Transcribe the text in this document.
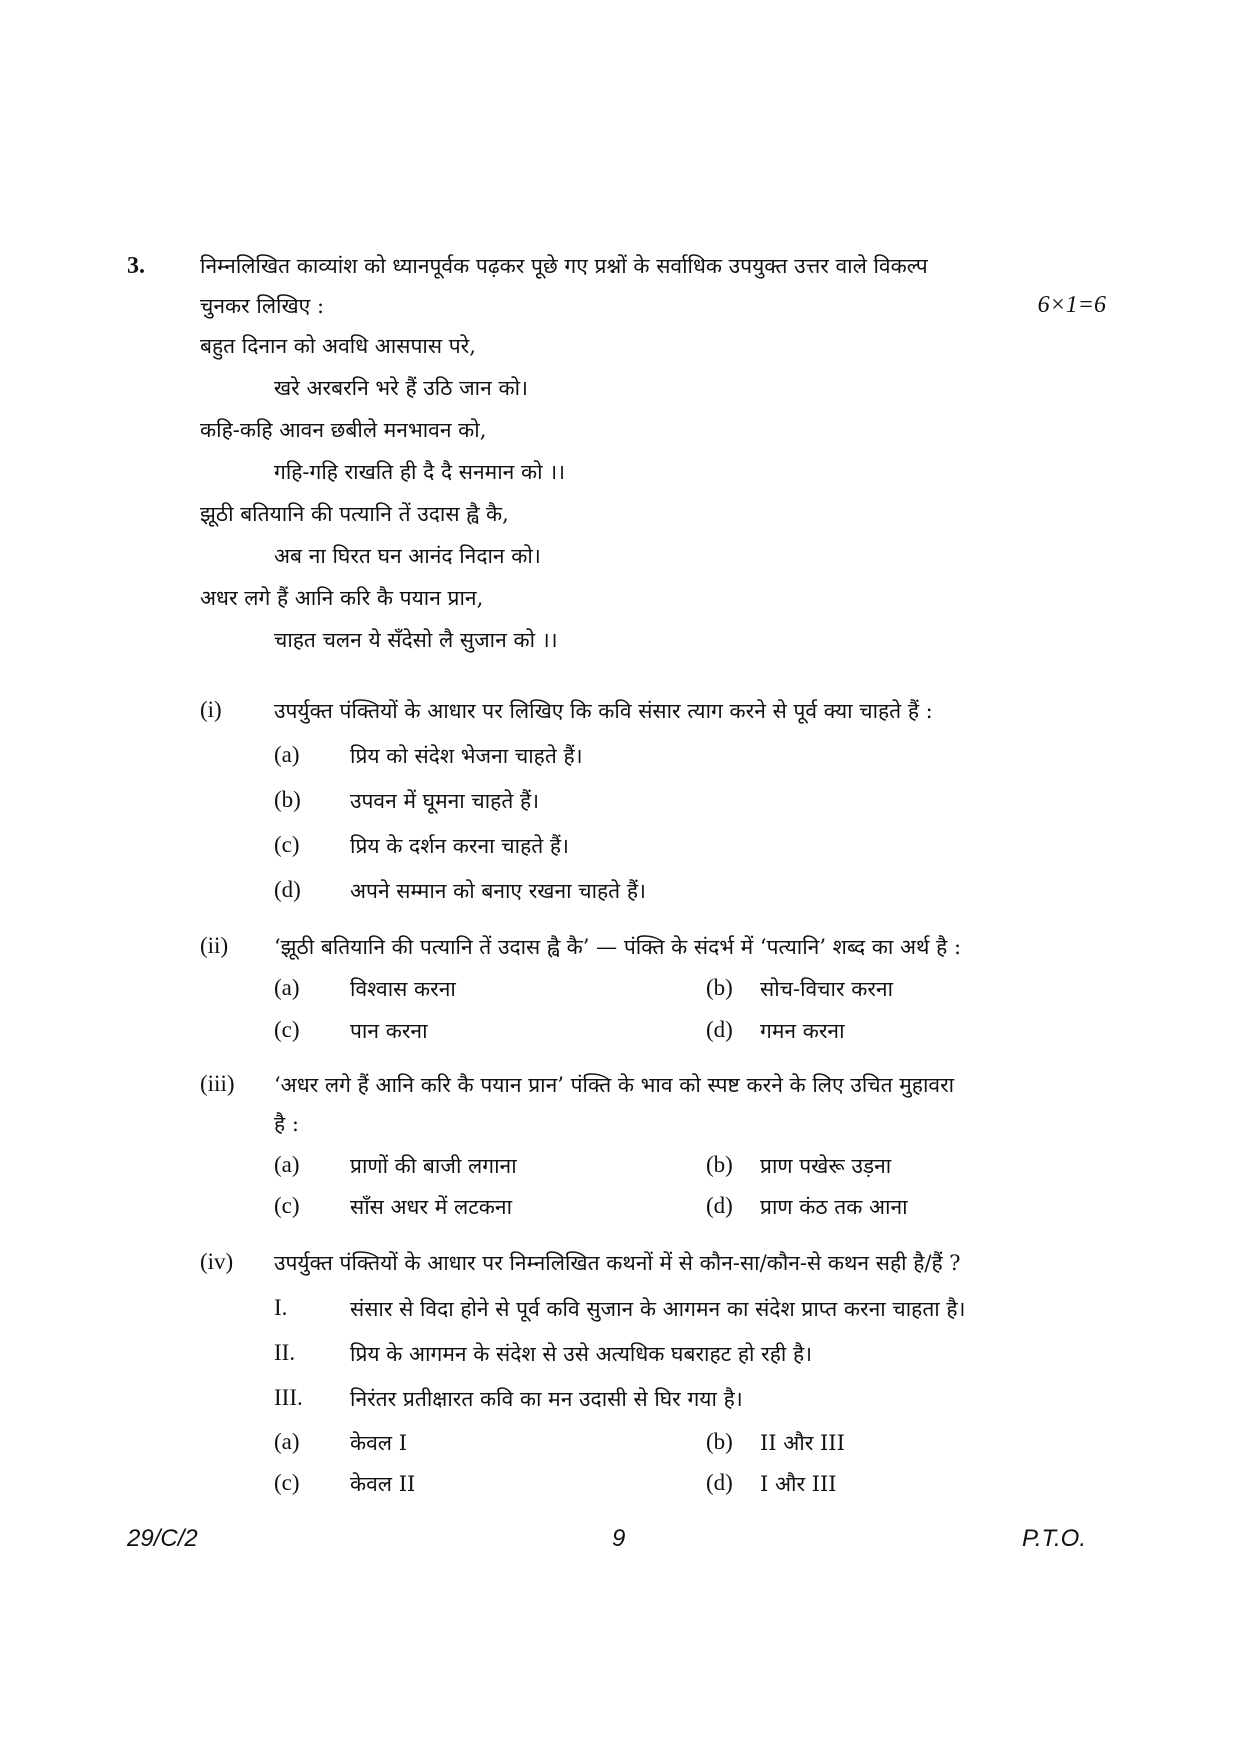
3.	निम्नलिखित काव्यांश को ध्यानपूर्वक पढ़कर पूछे गए प्रश्नों के सर्वाधिक उपयुक्त उत्तर वाले विकल्प
चुनकर लिखिए :	6×1=6
बहुत दिनान को अवधि आसपास परे,
खरे अरबरनि भरे हैं उठि जान को।
कहि-कहि आवन छबीले मनभावन को,
गहि-गहि राखति ही दै दै सनमान को ।।
झूठी बतियानि की पत्यानि तें उदास ह्वै कै,
अब ना घिरत घन आनंद निदान को।
अधर लगे हैं आनि करि कै पयान प्रान,
चाहत चलन ये सँदेसो लै सुजान को ।।
(i) उपर्युक्त पंक्तियों के आधार पर लिखिए कि कवि संसार त्याग करने से पूर्व क्या चाहते हैं :
(a) प्रिय को संदेश भेजना चाहते हैं।
(b) उपवन में घूमना चाहते हैं।
(c) प्रिय के दर्शन करना चाहते हैं।
(d) अपने सम्मान को बनाए रखना चाहते हैं।
(ii) ‘झूठी बतियानि की पत्यानि तें उदास ह्वै कै’ — पंक्ति के संदर्भ में ‘पत्यानि’ शब्द का अर्थ है :
(a) विश्वास करना	(b) सोच-विचार करना
(c) पान करना	(d) गमन करना
(iii) ‘अधर लगे हैं आनि करि कै पयान प्रान’ पंक्ति के भाव को स्पष्ट करने के लिए उचित मुहावरा
है :
(a) प्राणों की बाजी लगाना	(b) प्राण पखेरू उड़ना
(c) साँस अधर में लटकना	(d) प्राण कंठ तक आना
(iv) उपर्युक्त पंक्तियों के आधार पर निम्नलिखित कथनों में से कौन-सा/कौन-से कथन सही है/हैं ?
I.	संसार से विदा होने से पूर्व कवि सुजान के आगमन का संदेश प्राप्त करना चाहता है।
II.	प्रिय के आगमन के संदेश से उसे अत्यधिक घबराहट हो रही है।
III. निरंतर प्रतीक्षारत कवि का मन उदासी से घिर गया है।
(a) केवल I	(b) II और III
(c) केवल II	(d) I और III
29/C/2	9	P.T.O.
